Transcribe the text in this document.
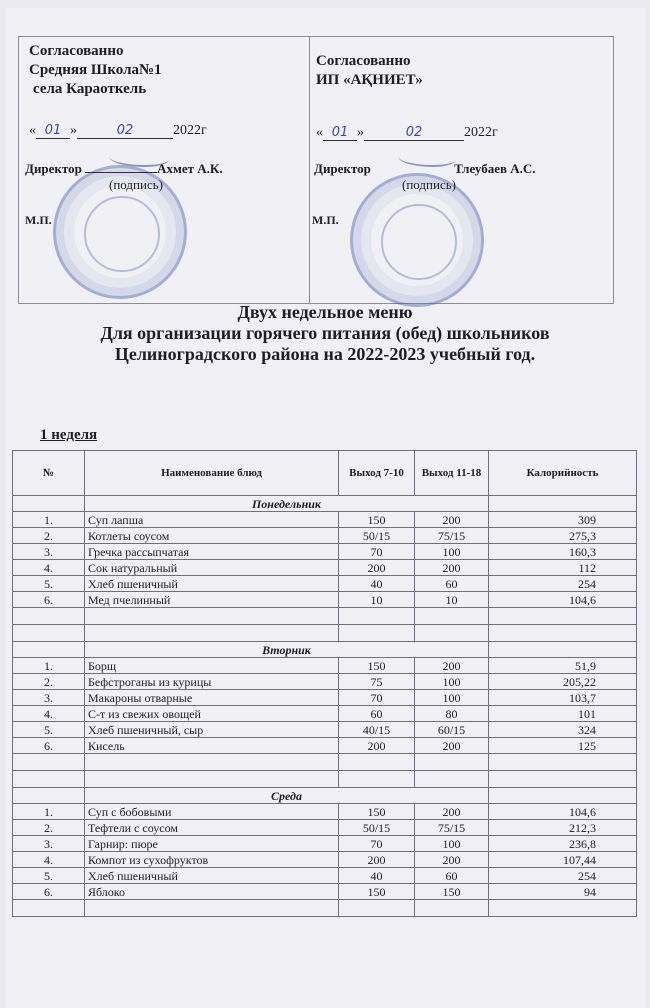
Согласованно
Средняя Школа№1
села Караоткель
« 01 »	02	2022г
Директор	Ахмет А.К.
(подпись)
М.П.
Согласованно
ИП «АҚНИЕТ»
« 01 »	02	2022г
Директор	Тлеубаев А.С.
(подпись)
М.П.
Двух недельное меню
Для организации горячего питания (обед) школьников
Целиноградского района на 2022-2023 учебный год.
1 неделя
№	Наименование блюд	Выход 7-10	Выход 11-18	Калорийность
	Понедельник			
1.	Суп лапша	150	200	309
2.	Котлеты соусом	50/15	75/15	275,3
3.	Гречка рассыпчатая	70	100	160,3
4.	Сок натуральный	200	200	112
5.	Хлеб пшеничный	40	60	254
6.	Мед пчелинный	10	10	104,6

	Вторник			
1.	Борщ	150	200	51,9
2.	Бефстроганы из курицы	75	100	205,22
3.	Макароны отварные	70	100	103,7
4.	С-т из свежих овощей	60	80	101
5.	Хлеб пшеничный, сыр	40/15	60/15	324
6.	Кисель	200	200	125

	Среда			
1.	Суп с бобовыми	150	200	104,6
2.	Тефтели с соусом	50/15	75/15	212,3
3.	Гарнир: пюре	70	100	236,8
4.	Компот из сухофруктов	200	200	107,44
5.	Хлеб пшеничный	40	60	254
6.	Яблоко	150	150	94
